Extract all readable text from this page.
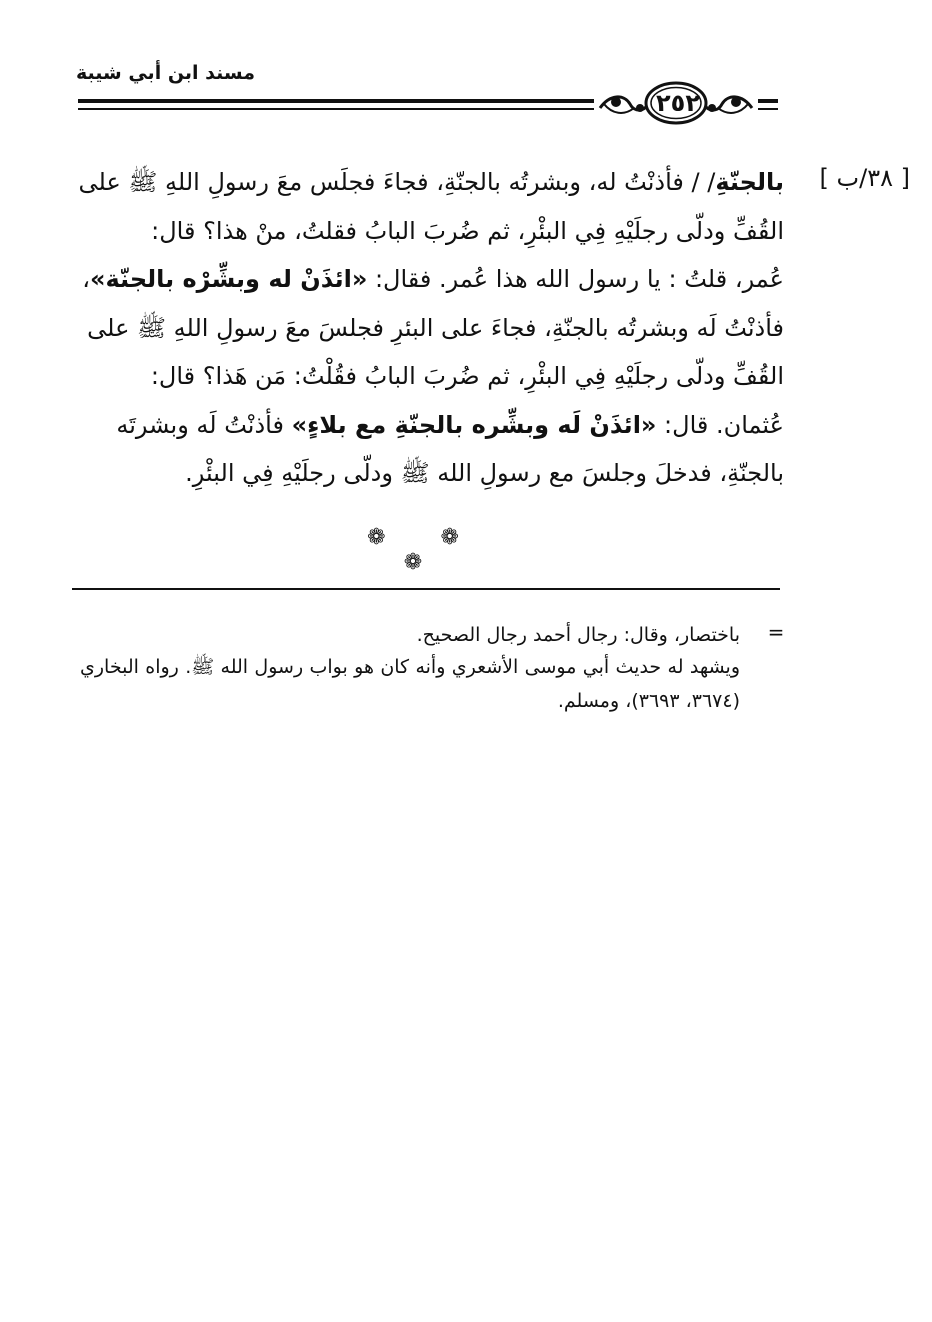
مسند ابن أبي شيبة
٢٥٢
[ ٣٨/ب ]
بالجنّةِ/ / فأذنْتُ له، وبشرتُه بالجنّةِ، فجاءَ فجلَس معَ رسولِ اللهِ ﷺ على
القُفِّ ودلّى رجلَيْهِ فِي البئْرِ، ثم ضُربَ البابُ فقلتُ، منْ هذا؟ قال:
عُمر، قلتُ : يا رسول الله هذا عُمر. فقال: «ائذَنْ له وبشِّرْه بالجنّة»،
فأذنْتُ لَه وبشرتُه بالجنّةِ، فجاءَ على البئرِ فجلسَ معَ رسولِ اللهِ ﷺ على
القُفِّ ودلّى رجلَيْهِ فِي البئْرِ، ثم ضُربَ البابُ فقُلْتُ: مَن هَذا؟ قال:
عُثمان. قال: «ائذَنْ لَه وبشِّره بالجنّةِ مع بلاءٍ» فأذنْتُ لَه وبشرتَه
بالجنّةِ، فدخلَ وجلسَ مع رسولِ الله ﷺ ودلّى رجلَيْهِ فِي البئْرِ.
❁ ❁ ❁
=
باختصار، وقال: رجال أحمد رجال الصحيح.
ويشهد له حديث أبي موسى الأشعري وأنه كان هو بواب رسول الله ﷺ. رواه البخاري (٣٦٧٤، ٣٦٩٣)، ومسلم.
